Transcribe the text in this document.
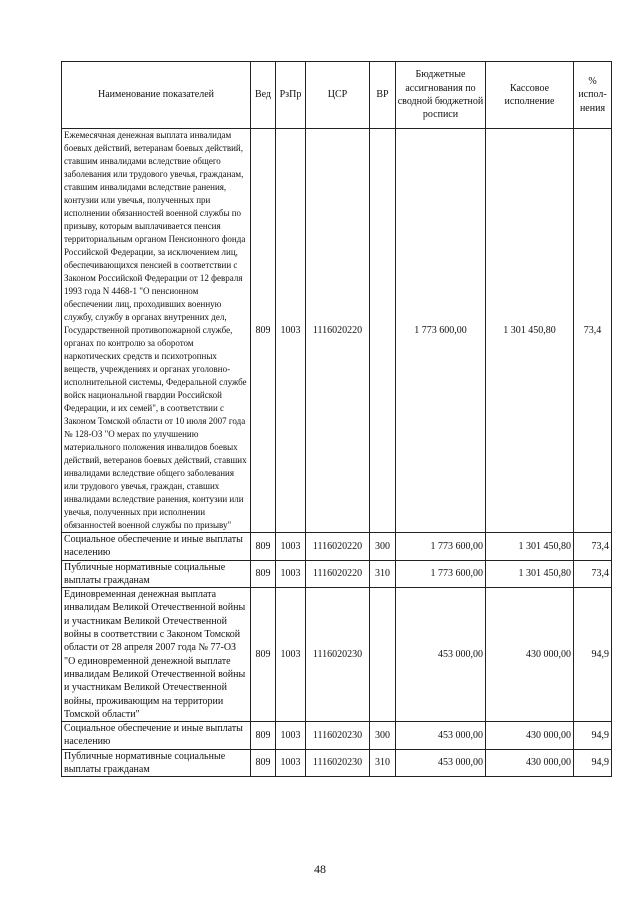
Наименование показателей	Вед	РзПр	ЦСР	ВР	Бюджетные ассигнования по сводной бюджетной росписи	Кассовое исполнение	% испол-нения
Ежемесячная денежная выплата инвалидам боевых действий, ветеранам боевых действий, ставшим инвалидами вследствие общего заболевания или трудового увечья, гражданам, ставшим инвалидами вследствие ранения, контузии или увечья, полученных при исполнении обязанностей военной службы по призыву, которым выплачивается пенсия территориальным органом Пенсионного фонда Российской Федерации, за исключением лиц, обеспечивающихся пенсией в соответствии с Законом Российской Федерации от 12 февраля 1993 года N 4468-1 "О пенсионном обеспечении лиц, проходивших военную службу, службу в органах внутренних дел, Государственной противопожарной службе, органах по контролю за оборотом наркотических средств и психотропных веществ, учреждениях и органах уголовно-исполнительной системы, Федеральной службе войск национальной гвардии Российской Федерации, и их семей", в соответствии с Законом Томской области от 10 июля 2007 года № 128-ОЗ "О мерах по улучшению материального положения инвалидов боевых действий, ветеранов боевых действий, ставших инвалидами вследствие общего заболевания или трудового увечья, граждан, ставших инвалидами вследствие ранения, контузии или увечья, полученных при исполнении обязанностей военной службы по призыву"	809	1003	1116020220		1 773 600,00	1 301 450,80	73,4
Социальное обеспечение и иные выплаты населению	809	1003	1116020220	300	1 773 600,00	1 301 450,80	73,4
Публичные нормативные социальные выплаты гражданам	809	1003	1116020220	310	1 773 600,00	1 301 450,80	73,4
Единовременная денежная выплата инвалидам Великой Отечественной войны и участникам Великой Отечественной войны в соответствии с Законом Томской области от 28 апреля 2007 года № 77-ОЗ "О единовременной денежной выплате инвалидам Великой Отечественной войны и участникам Великой Отечественной войны, проживающим на территории Томской области"	809	1003	1116020230		453 000,00	430 000,00	94,9
Социальное обеспечение и иные выплаты населению	809	1003	1116020230	300	453 000,00	430 000,00	94,9
Публичные нормативные социальные выплаты гражданам	809	1003	1116020230	310	453 000,00	430 000,00	94,9
48
